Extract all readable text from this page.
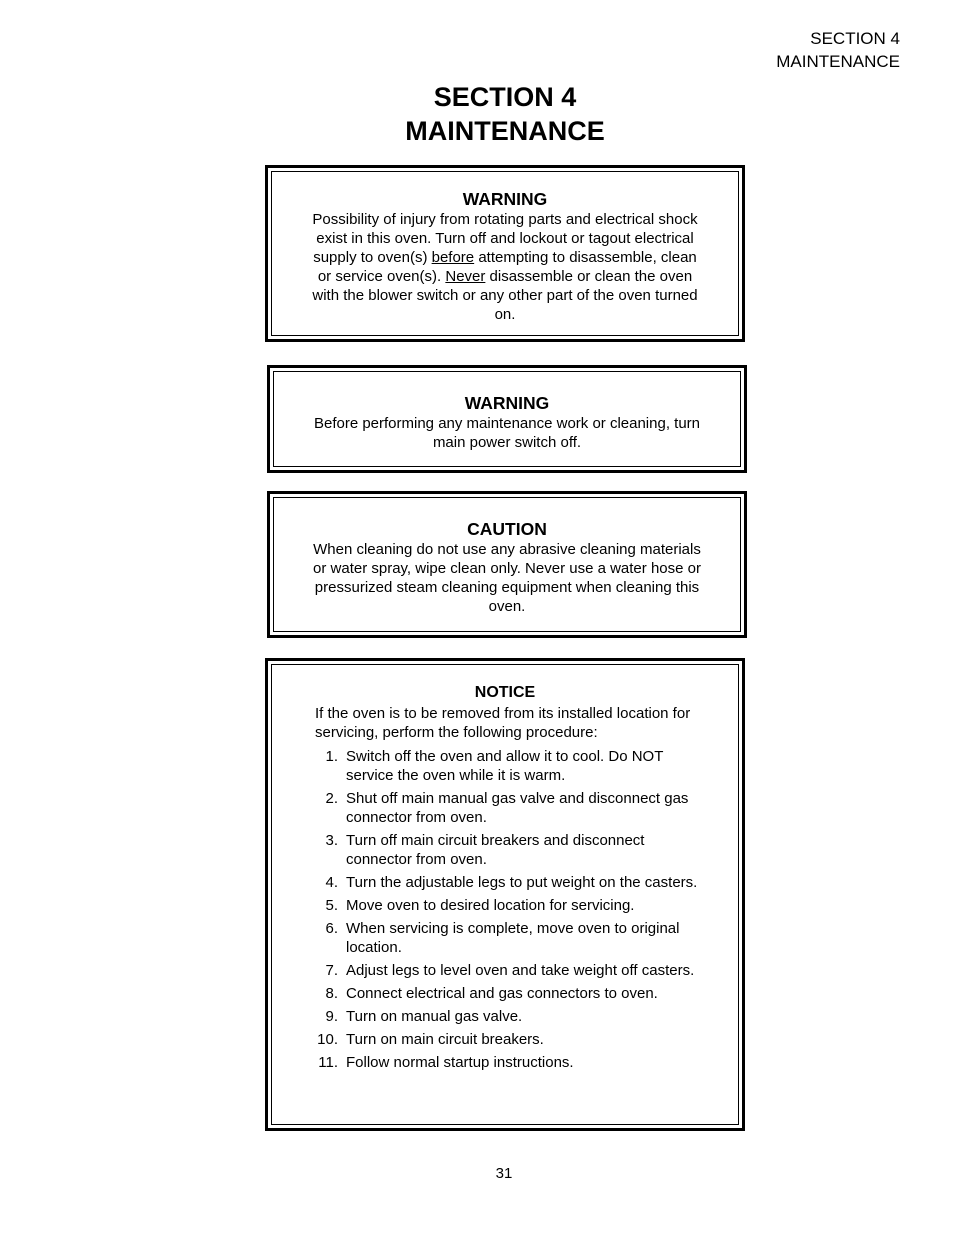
SECTION 4
MAINTENANCE
SECTION 4
MAINTENANCE
WARNING
Possibility of injury from rotating parts and electrical shock exist in this oven. Turn off and lockout or tagout electrical supply to oven(s) before attempting to disassemble, clean or service oven(s). Never disassemble or clean the oven with the blower switch or any other part of the oven turned on.
WARNING
Before performing any maintenance work or cleaning, turn main power switch off.
CAUTION
When cleaning do not use any abrasive cleaning materials or water spray, wipe clean only. Never use a water hose or pressurized steam cleaning equipment when cleaning this oven.
NOTICE
If the oven is to be removed from its installed location for servicing, perform the following procedure:
1. Switch off the oven and allow it to cool. Do NOT service the oven while it is warm.
2. Shut off main manual gas valve and disconnect gas connector from oven.
3. Turn off main circuit breakers and disconnect connector from oven.
4. Turn the adjustable legs to put weight on the casters.
5. Move oven to desired location for servicing.
6. When servicing is complete, move oven to original location.
7. Adjust legs to level oven and take weight off casters.
8. Connect electrical and gas connectors to oven.
9. Turn on manual gas valve.
10. Turn on main circuit breakers.
11. Follow normal startup instructions.
31
